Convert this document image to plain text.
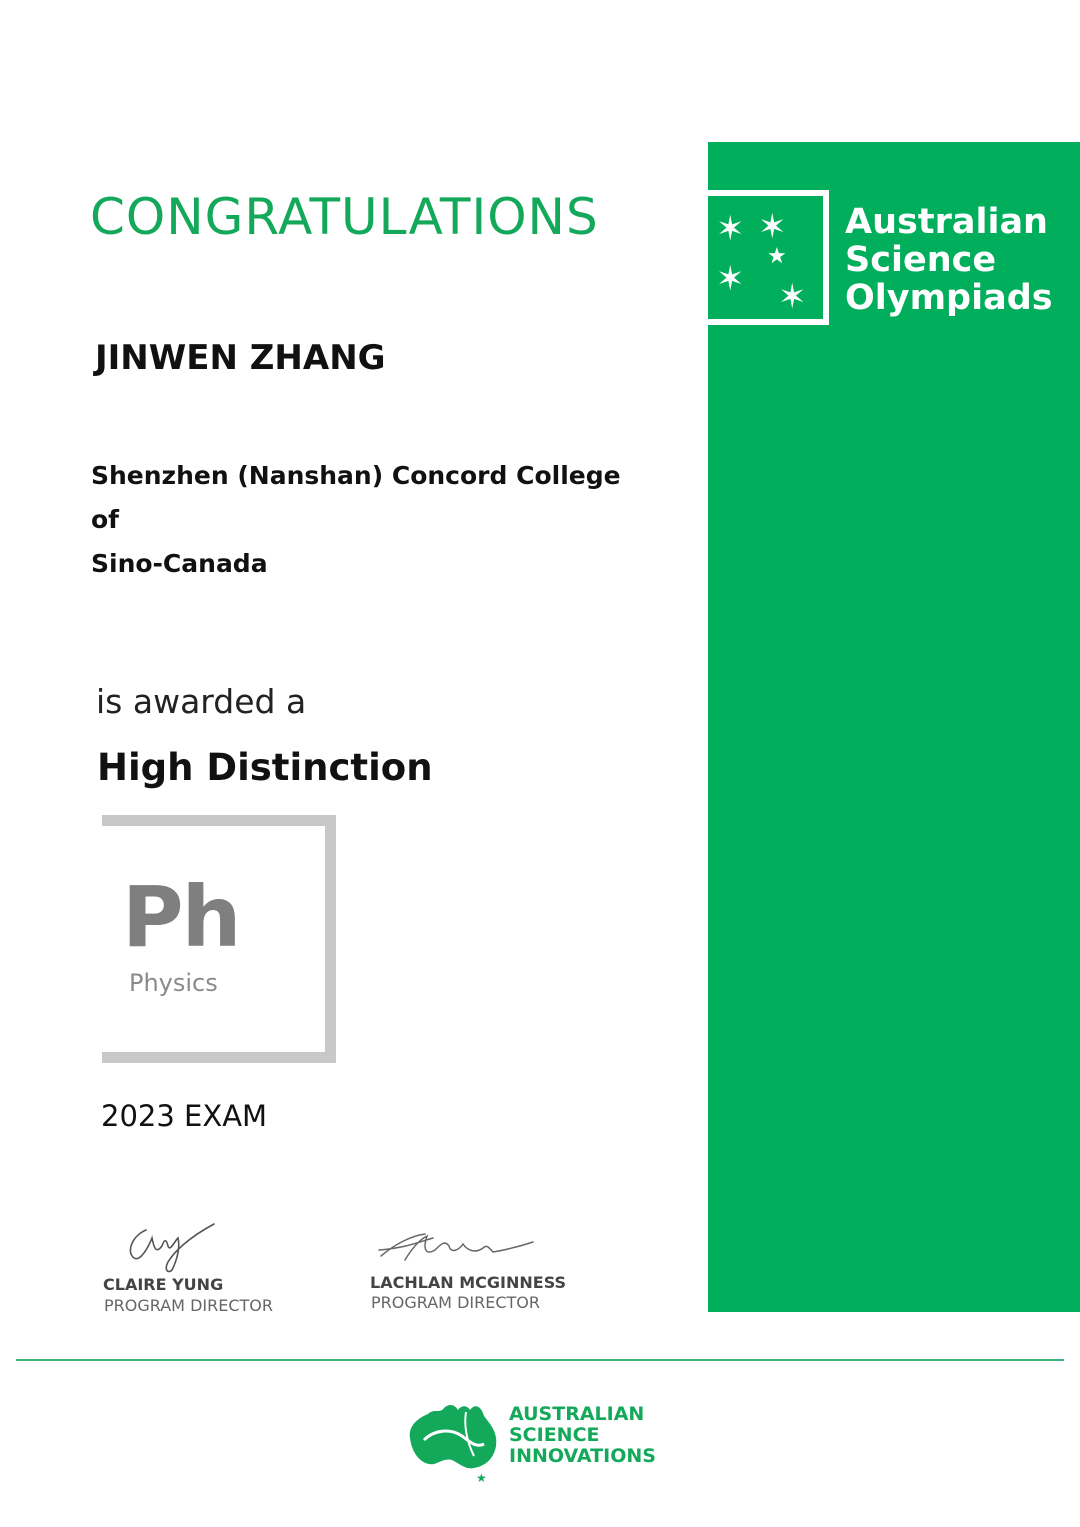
CONGRATULATIONS
JINWEN ZHANG
Shenzhen (Nanshan) Concord College of
Sino-Canada
is awarded a
High Distinction
Ph
Physics
2023 EXAM
CLAIRE YUNG
PROGRAM DIRECTOR
LACHLAN MCGINNESS
PROGRAM DIRECTOR
✶ ✶
★
✶ ✶
Australian
Science
Olympiads
★
AUSTRALIAN
SCIENCE
INNOVATIONS
